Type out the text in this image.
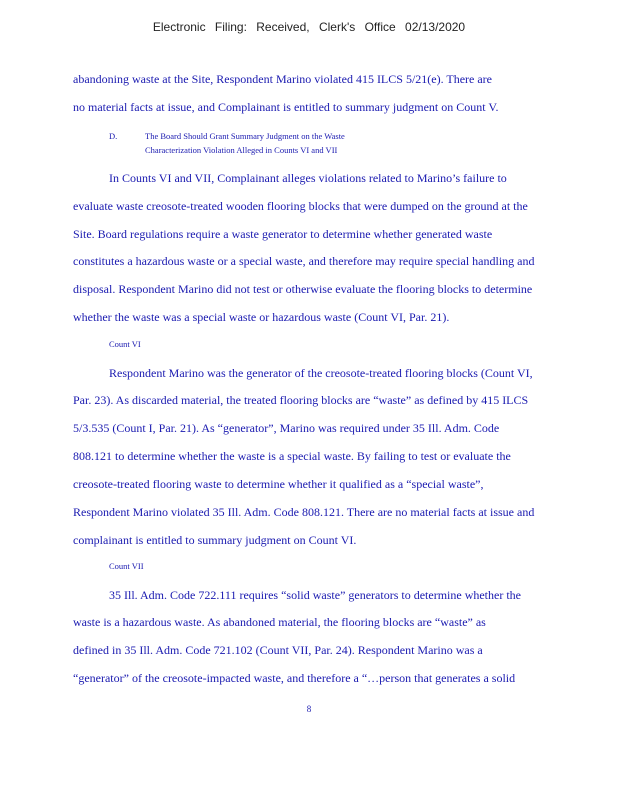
Electronic Filing: Received, Clerk's Office 02/13/2020
abandoning waste at the Site, Respondent Marino violated 415 ILCS 5/21(e). There are
no material facts at issue, and Complainant is entitled to summary judgment on Count V.
D.	The Board Should Grant Summary Judgment on the Waste
Characterization Violation Alleged in Counts VI and VII
In Counts VI and VII, Complainant alleges violations related to Marino’s failure to
evaluate waste creosote-treated wooden flooring blocks that were dumped on the ground at the
Site. Board regulations require a waste generator to determine whether generated waste
constitutes a hazardous waste or a special waste, and therefore may require special handling and
disposal. Respondent Marino did not test or otherwise evaluate the flooring blocks to determine
whether the waste was a special waste or hazardous waste (Count VI, Par. 21).
Count VI
Respondent Marino was the generator of the creosote-treated flooring blocks (Count VI,
Par. 23). As discarded material, the treated flooring blocks are “waste” as defined by 415 ILCS
5/3.535 (Count I, Par. 21). As “generator”, Marino was required under 35 Ill. Adm. Code
808.121 to determine whether the waste is a special waste. By failing to test or evaluate the
creosote-treated flooring waste to determine whether it qualified as a “special waste”,
Respondent Marino violated 35 Ill. Adm. Code 808.121. There are no material facts at issue and
complainant is entitled to summary judgment on Count VI.
Count VII
35 Ill. Adm. Code 722.111 requires “solid waste” generators to determine whether the
waste is a hazardous waste. As abandoned material, the flooring blocks are “waste” as
defined in 35 Ill. Adm. Code 721.102 (Count VII, Par. 24). Respondent Marino was a
“generator” of the creosote-impacted waste, and therefore a “…person that generates a solid
8
